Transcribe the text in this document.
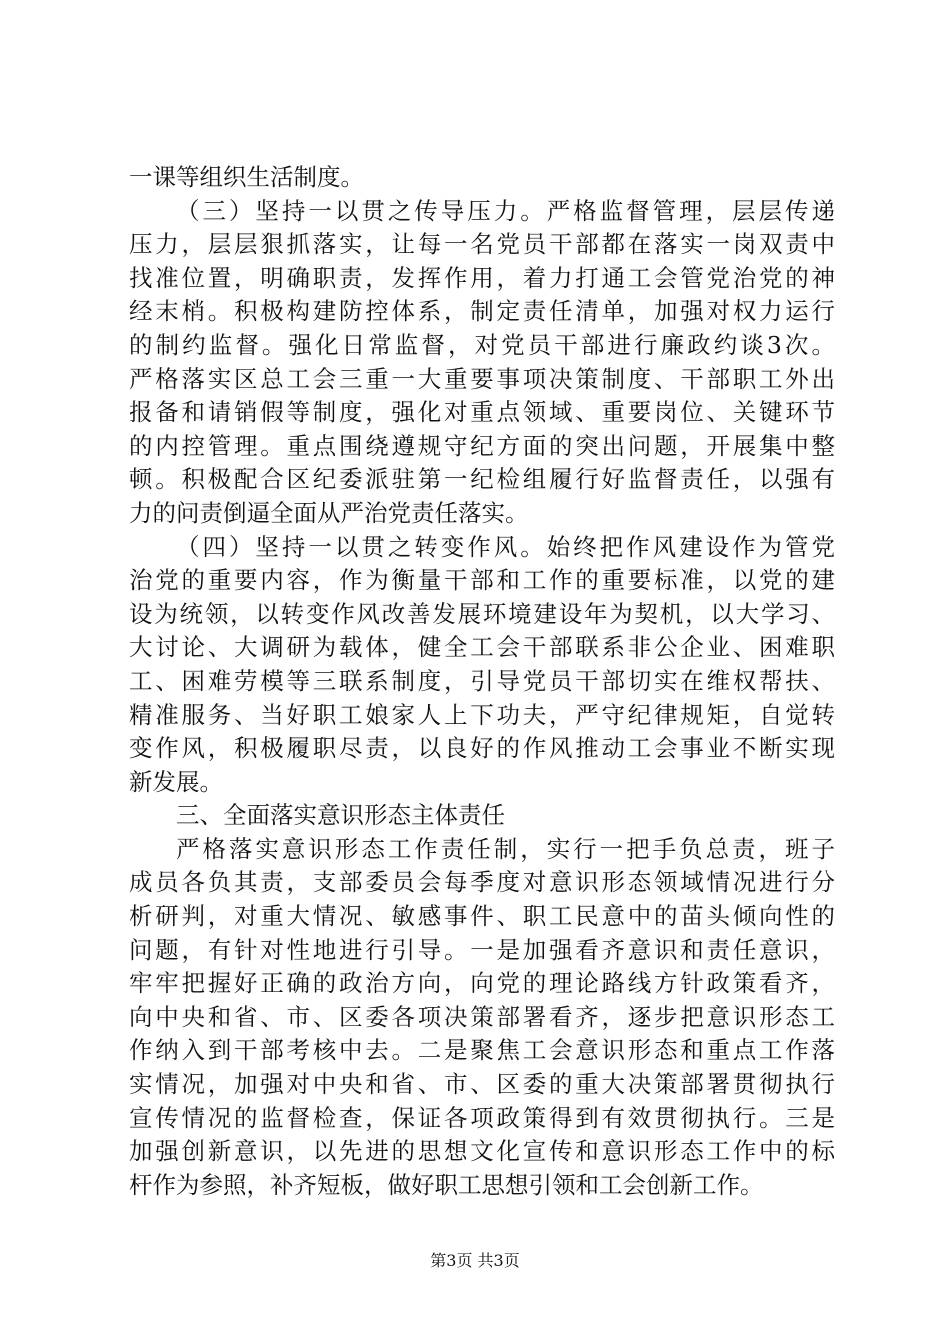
一课等组织生活制度。
（三）坚持一以贯之传导压力。严格监督管理，层层传递
压力，层层狠抓落实，让每一名党员干部都在落实一岗双责中
找准位置，明确职责，发挥作用，着力打通工会管党治党的神
经末梢。积极构建防控体系，制定责任清单，加强对权力运行
的制约监督。强化日常监督，对党员干部进行廉政约谈3次。
严格落实区总工会三重一大重要事项决策制度、干部职工外出
报备和请销假等制度，强化对重点领域、重要岗位、关键环节
的内控管理。重点围绕遵规守纪方面的突出问题，开展集中整
顿。积极配合区纪委派驻第一纪检组履行好监督责任，以强有
力的问责倒逼全面从严治党责任落实。
（四）坚持一以贯之转变作风。始终把作风建设作为管党
治党的重要内容，作为衡量干部和工作的重要标准，以党的建
设为统领，以转变作风改善发展环境建设年为契机，以大学习、
大讨论、大调研为载体，健全工会干部联系非公企业、困难职
工、困难劳模等三联系制度，引导党员干部切实在维权帮扶、
精准服务、当好职工娘家人上下功夫，严守纪律规矩，自觉转
变作风，积极履职尽责，以良好的作风推动工会事业不断实现
新发展。
三、全面落实意识形态主体责任
严格落实意识形态工作责任制，实行一把手负总责，班子
成员各负其责，支部委员会每季度对意识形态领域情况进行分
析研判，对重大情况、敏感事件、职工民意中的苗头倾向性的
问题，有针对性地进行引导。一是加强看齐意识和责任意识，
牢牢把握好正确的政治方向，向党的理论路线方针政策看齐，
向中央和省、市、区委各项决策部署看齐，逐步把意识形态工
作纳入到干部考核中去。二是聚焦工会意识形态和重点工作落
实情况，加强对中央和省、市、区委的重大决策部署贯彻执行
宣传情况的监督检查，保证各项政策得到有效贯彻执行。三是
加强创新意识，以先进的思想文化宣传和意识形态工作中的标
杆作为参照，补齐短板，做好职工思想引领和工会创新工作。
第3页 共3页
